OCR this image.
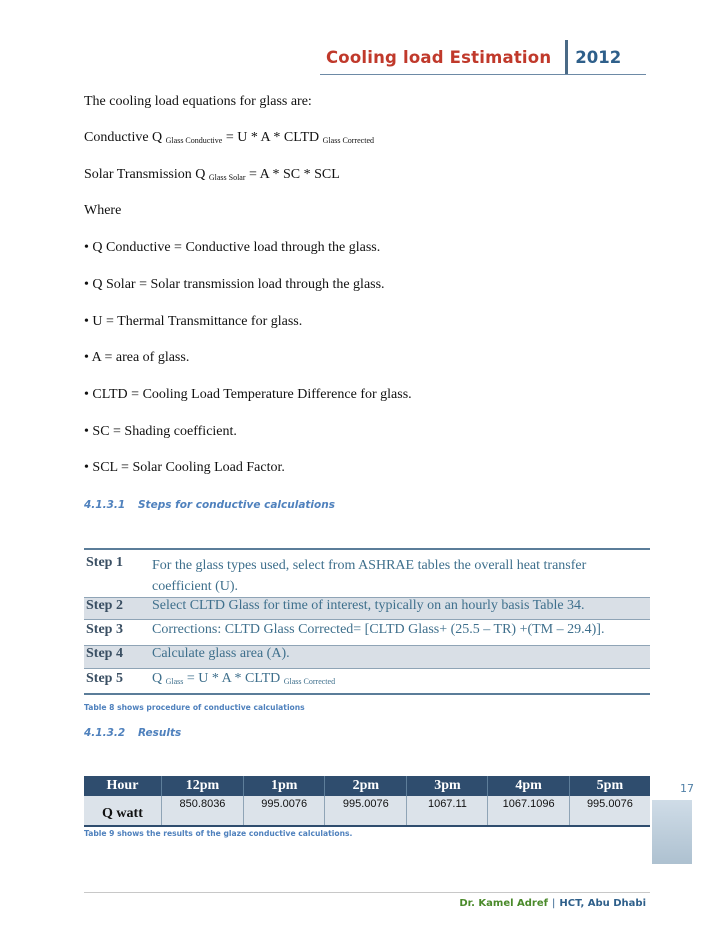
Cooling load Estimation 2012
The cooling load equations for glass are:
Conductive Q $_{Glass Conductive}$ = U * A * CLTD $_{Glass Corrected}$
Solar Transmission Q $_{Glass Solar}$ = A * SC * SCL
Where
• Q Conductive = Conductive load through the glass.
• Q Solar = Solar transmission load through the glass.
• U = Thermal Transmittance for glass.
• A = area of glass.
• CLTD = Cooling Load Temperature Difference for glass.
• SC = Shading coefficient.
• SCL = Solar Cooling Load Factor.
4.1.3.1 Steps for conductive calculations
Step 1	For the glass types used, select from ASHRAE tables the overall heat transfer
coefficient (U).

Step 2	Select CLTD Glass for time of interest, typically on an hourly basis Table 34.
Step 3	Corrections: CLTD Glass Corrected= [CLTD Glass+ (25.5 – TR) +(TM – 29.4)].
Step 4	Calculate glass area (A).
Step 5	Q $_{Glass}$ = U * A * CLTD $_{Glass Corrected}$
Table 8 shows procedure of conductive calculations
4.1.3.2 Results
Hour	12pm	1pm	2pm	3pm	4pm	5pm
Q watt	850.8036	995.0076	995.0076	1067.11	1067.1096	995.0076
17
Table 9 shows the results of the glaze conductive calculations.
Dr. Kamel Adref | HCT, Abu Dhabi
